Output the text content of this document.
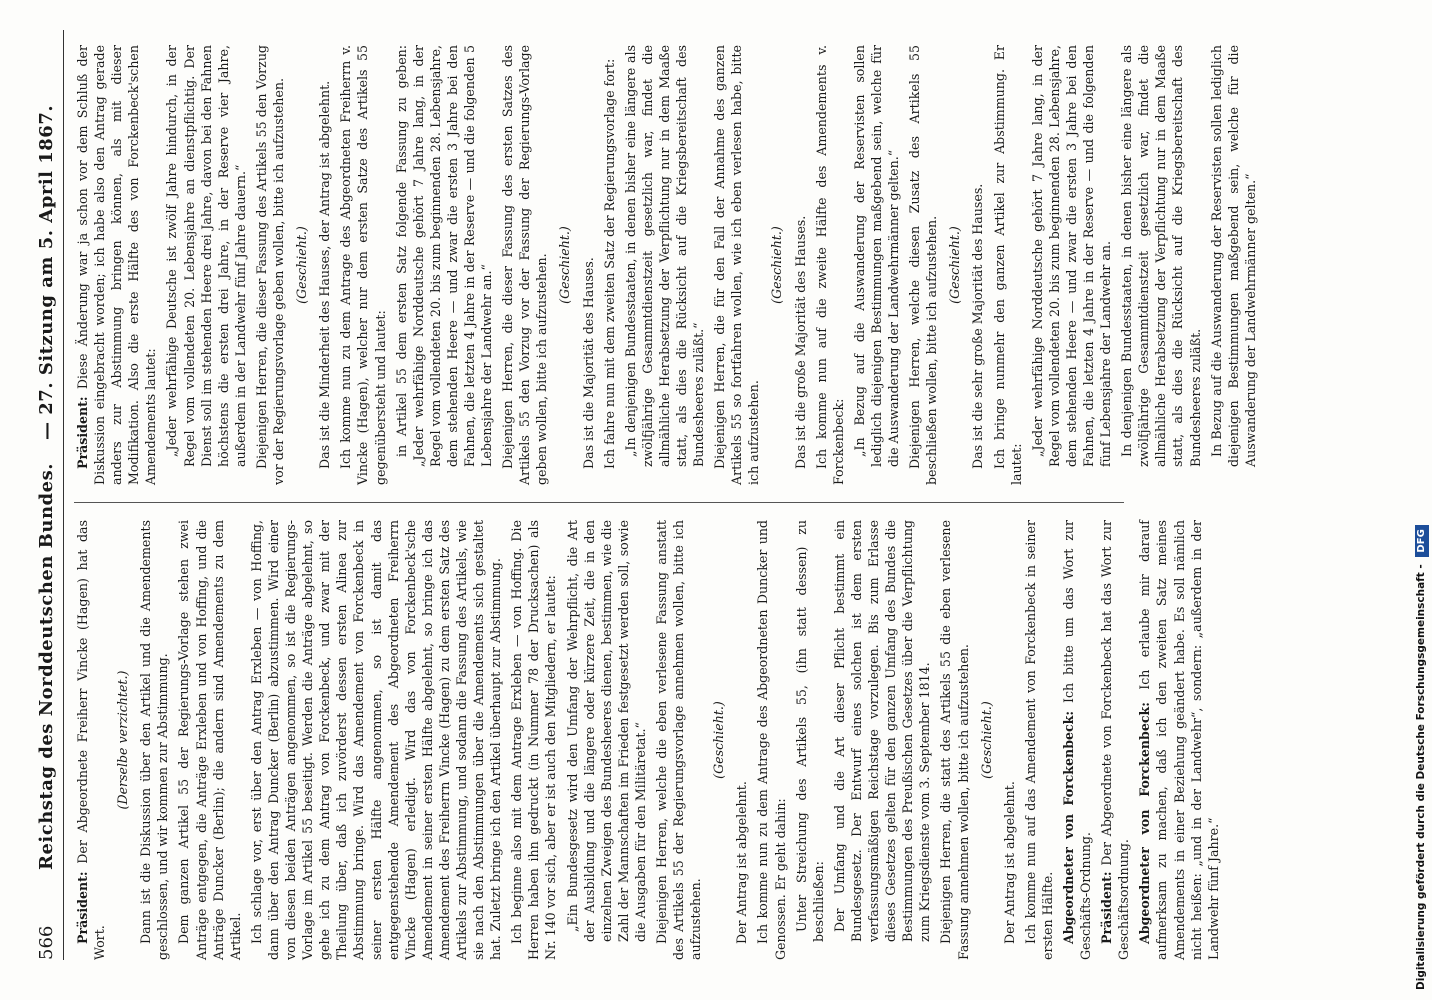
566
Reichstag des Norddeutschen Bundes.
— 27. Sitzung am 5. April 1867.

Präsident: Der Abgeordnete Freiherr Vincke (Hagen) hat das Wort.

(Derselbe verzichtet.) Dann ist die Diskussion über den Artikel und die Amendements geschlossen, und wir kommen zur Abstimmung. Dem ganzen Artikel 55 der Regierungs-Vorlage stehen zwei Anträge entgegen, die Anträge Erxleben und von Hoffing, und die Anträge Duncker (Berlin); die andern sind Amendements zu dem Artikel. Ich schlage vor, erst über den Antrag Erxleben — von Hoffing, dann über den Antrag Duncker (Berlin) abzustimmen. Wird einer von diesen beiden Anträgen angenommen, so ist die Regierungs-Vorlage im Artikel 55 beseitigt. Werden die Anträge abgelehnt, so gehe ich zu dem Antrag von Forckenbeck, und zwar mit der Theilung über, daß ich zuvörderst dessen ersten Alinea zur Abstimmung bringe. Wird das Amendement von Forckenbeck in seiner ersten Hälfte angenommen, so ist damit das entgegenstehende Amendement des Abgeordneten Freiherrn Vincke (Hagen) erledigt. Wird das von Forckenbeck'sche Amendement in seiner ersten Hälfte abgelehnt, so bringe ich das Amendement des Freiherrn Vincke (Hagen) zu dem ersten Satz des Artikels zur Abstimmung, und sodann die Fassung des Artikels, wie sie nach den Abstimmungen über die Amendements sich gestaltet hat. Zuletzt bringe ich den Artikel überhaupt zur Abstimmung. Ich beginne also mit dem Antrage Erxleben — von Hoffing. Die Herren haben ihn gedruckt (in Nummer 78 der Drucksachen) als Nr. 140 vor sich, aber er ist auch den Mitgliedern, er lautet: „Ein Bundesgesetz wird den Umfang der Wehrpflicht, die Art der Ausbildung und die längere oder kürzere Zeit, die in den einzelnen Zweigen des Bundesheeres dienen, bestimmen, wie die Zahl der Mannschaften im Frieden festgesetzt werden soll, sowie die Ausgaben für den Militäretat.“ Diejenigen Herren, welche die eben verlesene Fassung anstatt des Artikels 55 der Regierungsvorlage annehmen wollen, bitte ich aufzustehen.

(Geschieht.)

Der Antrag ist abgelehnt. Ich komme nun zu dem Antrage des Abgeordneten Duncker und Genossen. Er geht dahin: Unter Streichung des Artikels 55, (ihn statt dessen) zu beschließen: Der Umfang und die Art dieser Pflicht bestimmt ein Bundesgesetz. Der Entwurf eines solchen ist dem ersten verfassungsmäßigen Reichstage vorzulegen. Bis zum Erlasse dieses Gesetzes gelten für den ganzen Umfang des Bundes die Bestimmungen des Preußischen Gesetzes über die Verpflichtung zum Kriegsdienste vom 3. September 1814. Diejenigen Herren, die statt des Artikels 55 die eben verlesene Fassung annehmen wollen, bitte ich aufzustehen. (Geschieht.)

Der Antrag ist abgelehnt. Ich komme nun auf das Amendement von Forckenbeck in seiner ersten Hälfte. Abgeordneter von Forckenbeck: Ich bitte um das Wort zur Geschäfts-Ordnung. Präsident: Der Abgeordnete von Forckenbeck hat das Wort zur Geschäftsordnung. Abgeordneter von Forckenbeck: Ich erlaube mir darauf aufmerksam zu machen, daß ich den zweiten Satz meines Amendements in einer Beziehung geändert habe. Es soll nämlich nicht heißen: „und in der Landwehr“, sondern: „außerdem in der Landwehr fünf Jahre.“

Präsident: Diese Änderung war ja schon vor dem Schluß der Diskussion eingebracht worden; ich habe also den Antrag gerade anders zur Abstimmung bringen können, als mit dieser Modifikation. Also die erste Hälfte des von Forckenbeck'schen Amendements lautet: „Jeder wehrfähige Deutsche ist zwölf Jahre hindurch, in der Regel vom vollendeten 20. Lebensjahre an dienstpflichtig. Der Dienst soll im stehenden Heere drei Jahre, davon bei den Fahnen höchstens die ersten drei Jahre, in der Reserve vier Jahre, außerdem in der Landwehr fünf Jahre dauern.“ Diejenigen Herren, die dieser Fassung des Artikels 55 den Vorzug vor der Regierungsvorlage geben wollen, bitte ich aufzustehen. (Geschieht.) Das ist die Minderheit des Hauses, der Antrag ist abgelehnt. Ich komme nun zu dem Antrage des Abgeordneten Freiherrn v. Vincke (Hagen), welcher nur dem ersten Satze des Artikels 55 gegenübersteht und lautet: in Artikel 55 dem ersten Satz folgende Fassung zu geben: „Jeder wehrfähige Norddeutsche gehört 7 Jahre lang, in der Regel vom vollendeten 20. bis zum beginnenden 28. Lebensjahre, dem stehenden Heere — und zwar die ersten 3 Jahre bei den Fahnen, die letzten 4 Jahre in der Reserve — und die folgenden 5 Lebensjahre der Landwehr an.“ Diejenigen Herren, die dieser Fassung des ersten Satzes des Artikels 55 den Vorzug vor der Fassung der Regierungs-Vorlage geben wollen, bitte ich aufzustehen. (Geschieht.) Das ist die Majorität des Hauses. Ich fahre nun mit dem zweiten Satz der Regierungsvorlage fort: „In denjenigen Bundesstaaten, in denen bisher eine längere als zwölfjährige Gesammtdienstzeit gesetzlich war, findet die allmähliche Herabsetzung der Verpflichtung nur in dem Maaße statt, als dies die Rücksicht auf die Kriegsbereitschaft des Bundesheeres zuläßt.“ Diejenigen Herren, die für den Fall der Annahme des ganzen Artikels 55 so fortfahren wollen, wie ich eben verlesen habe, bitte ich aufzustehen.

(Geschieht.) Das ist die große Majorität des Hauses. Ich komme nun auf die zweite Hälfte des Amendements v. Forckenbeck: „In Bezug auf die Auswanderung der Reservisten sollen lediglich diejenigen Bestimmungen maßgebend sein, welche für die Auswanderung der Landwehrmänner gelten.“ Diejenigen Herren, welche diesen Zusatz des Artikels 55 beschließen wollen, bitte ich aufzustehen. (Geschieht.) Das ist die sehr große Majorität des Hauses. Ich bringe nunmehr den ganzen Artikel zur Abstimmung. Er lautet:

„Jeder wehrfähige Norddeutsche gehört 7 Jahre lang, in der Regel vom vollendeten 20. bis zum beginnenden 28. Lebensjahre, dem stehenden Heere — und zwar die ersten 3 Jahre bei den Fahnen, die letzten 4 Jahre in der Reserve — und die folgenden fünf Lebensjahre der Landwehr an. In denjenigen Bundesstaaten, in denen bisher eine längere als zwölfjährige Gesammtdienstzeit gesetzlich war, findet die allmähliche Herabsetzung der Verpflichtung nur in dem Maaße statt, als dies die Rücksicht auf die Kriegsbereitschaft des Bundesheeres zuläßt. In Bezug auf die Auswanderung der Reservisten sollen lediglich diejenigen Bestimmungen maßgebend sein, welche für die Auswanderung der Landwehrmänner gelten.“

Digitalisierung gefördert durch die Deutsche Forschungsgemeinschaft - DFG
